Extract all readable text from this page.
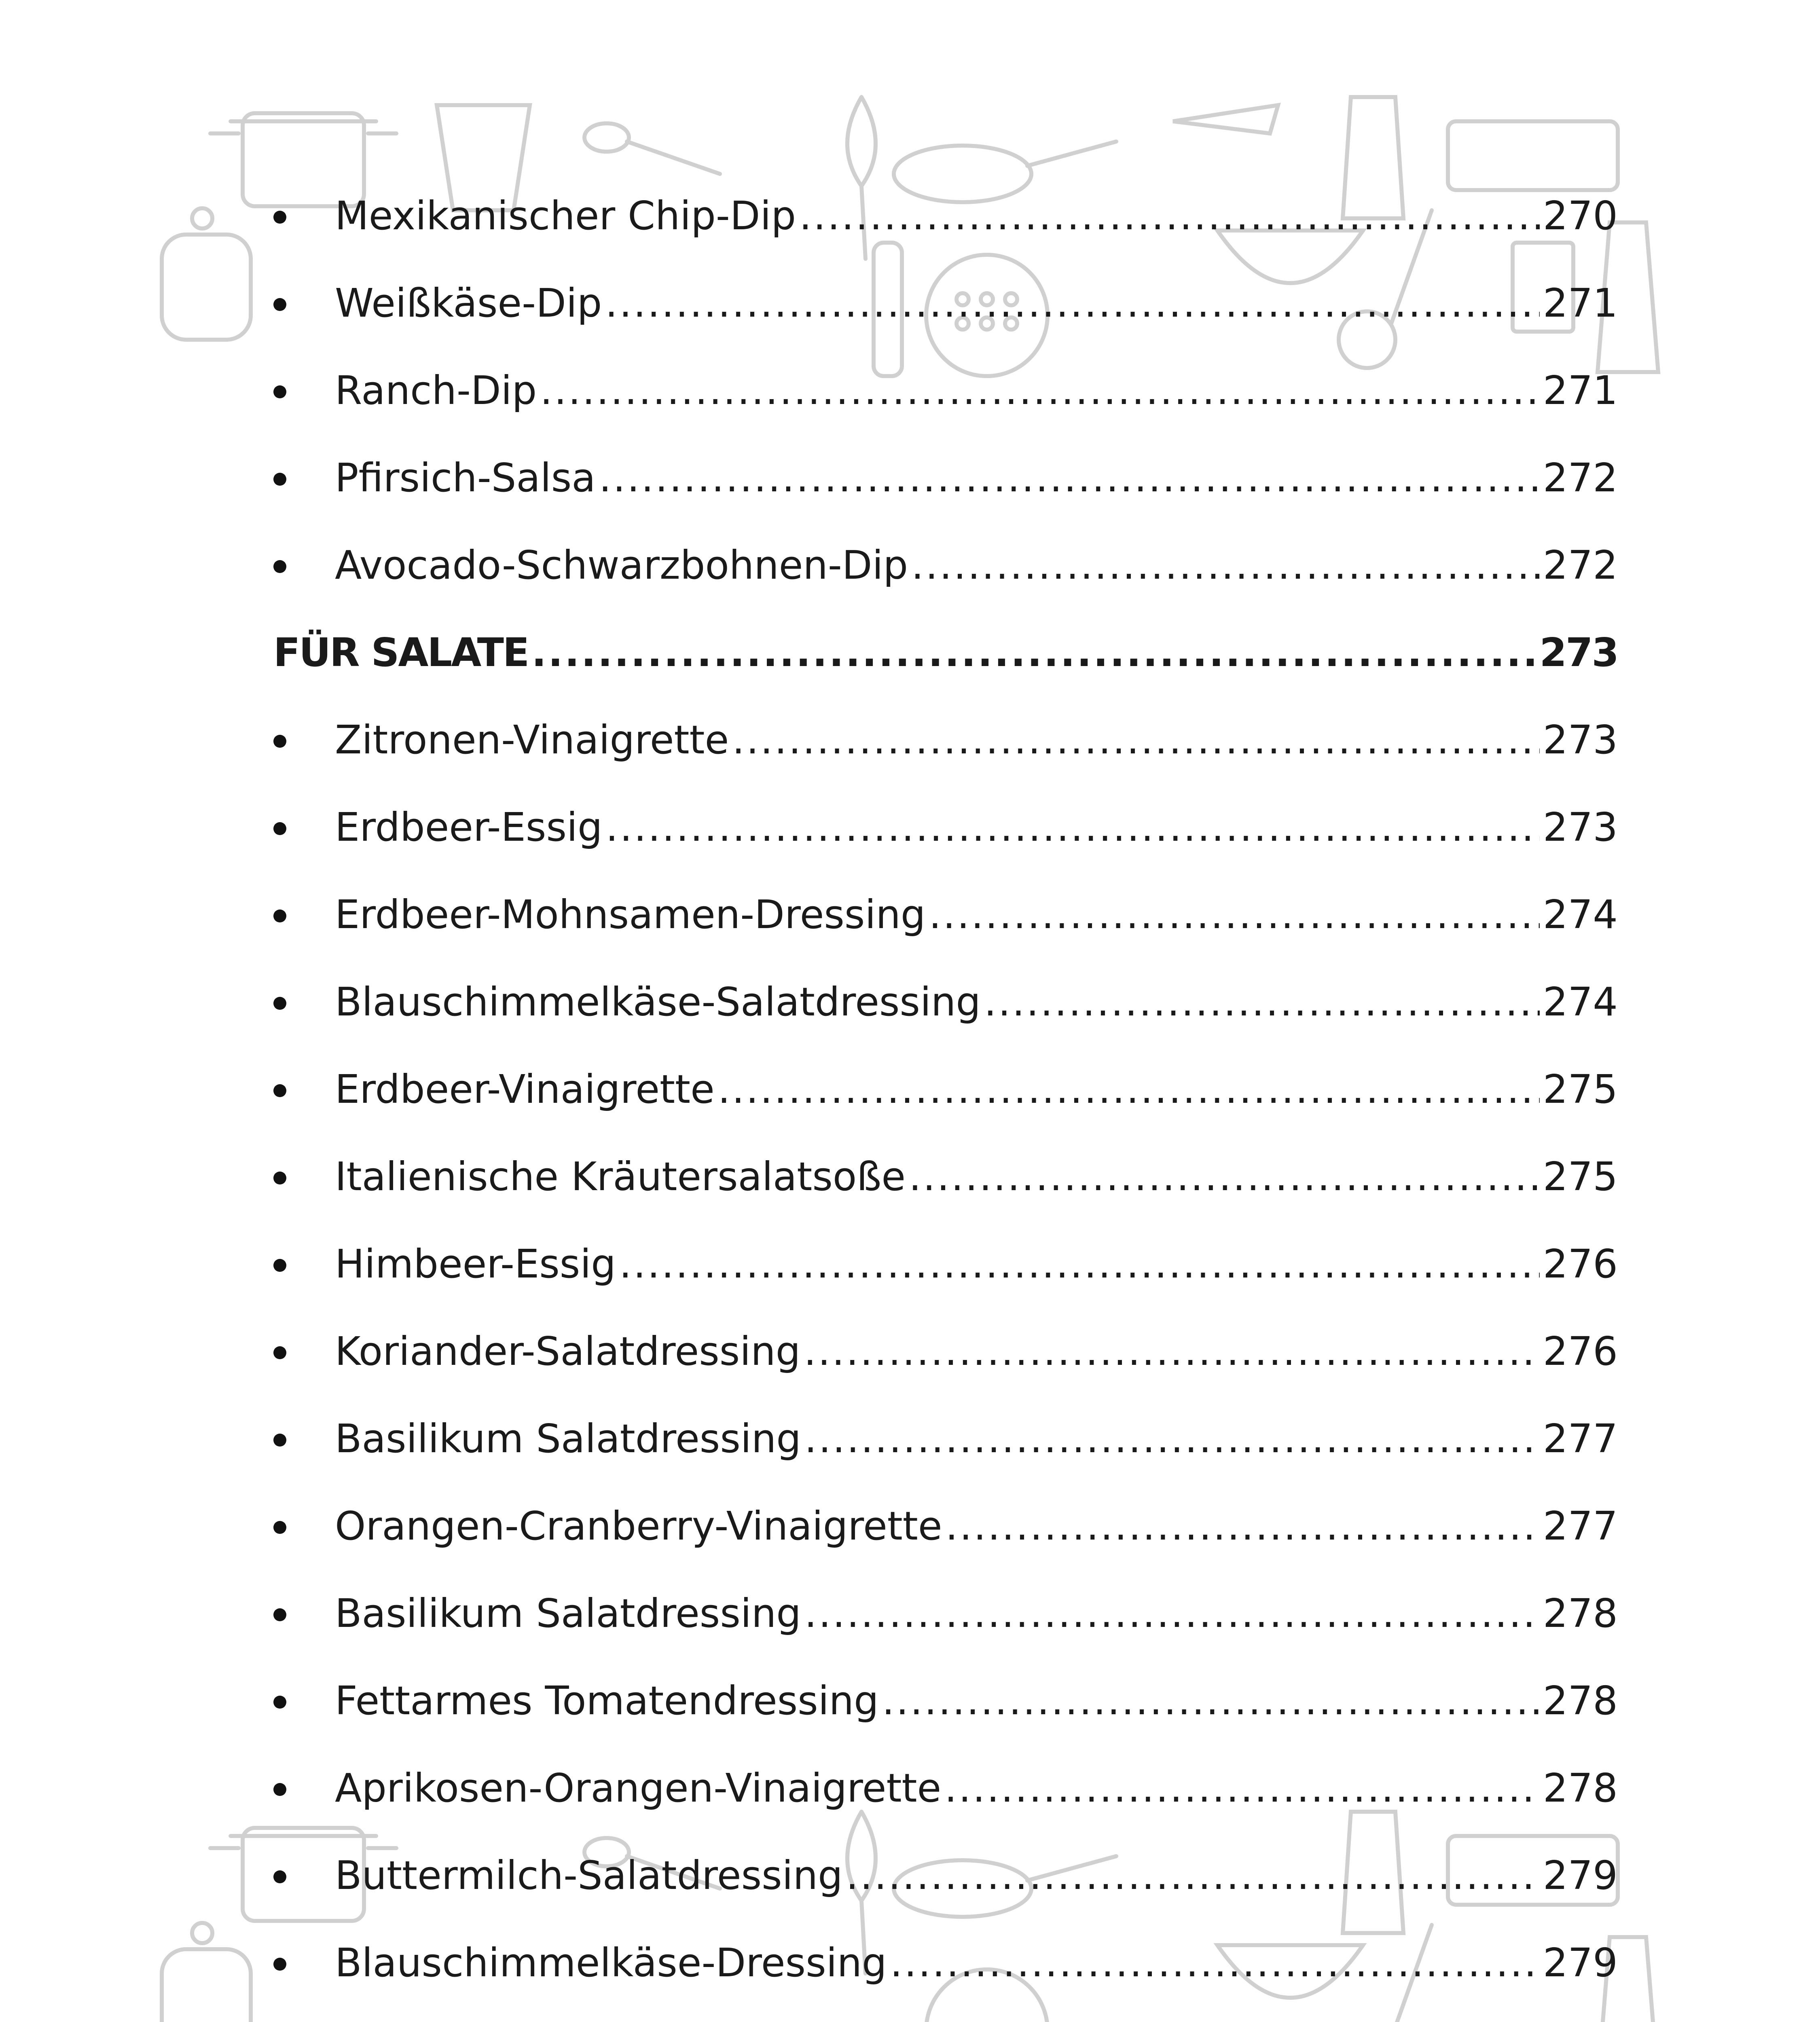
Mexikanischer Chip-Dip .....	270
Weißkäse-Dip .....	271
Ranch-Dip .....	271
Pfirsich-Salsa .....	272
Avocado-Schwarzbohnen-Dip .....	272
FÜR SALATE .....	273
Zitronen-Vinaigrette .....	273
Erdbeer-Essig .....	273
Erdbeer-Mohnsamen-Dressing .....	274
Blauschimmelkäse-Salatdressing .....	274
Erdbeer-Vinaigrette .....	275
Italienische Kräutersalatsoße .....	275
Himbeer-Essig .....	276
Koriander-Salatdressing .....	276
Basilikum Salatdressing .....	277
Orangen-Cranberry-Vinaigrette .....	277
Basilikum Salatdressing .....	278
Fettarmes Tomatendressing .....	278
Aprikosen-Orangen-Vinaigrette .....	278
Buttermilch-Salatdressing .....	279
Blauschimmelkäse-Dressing .....	279
